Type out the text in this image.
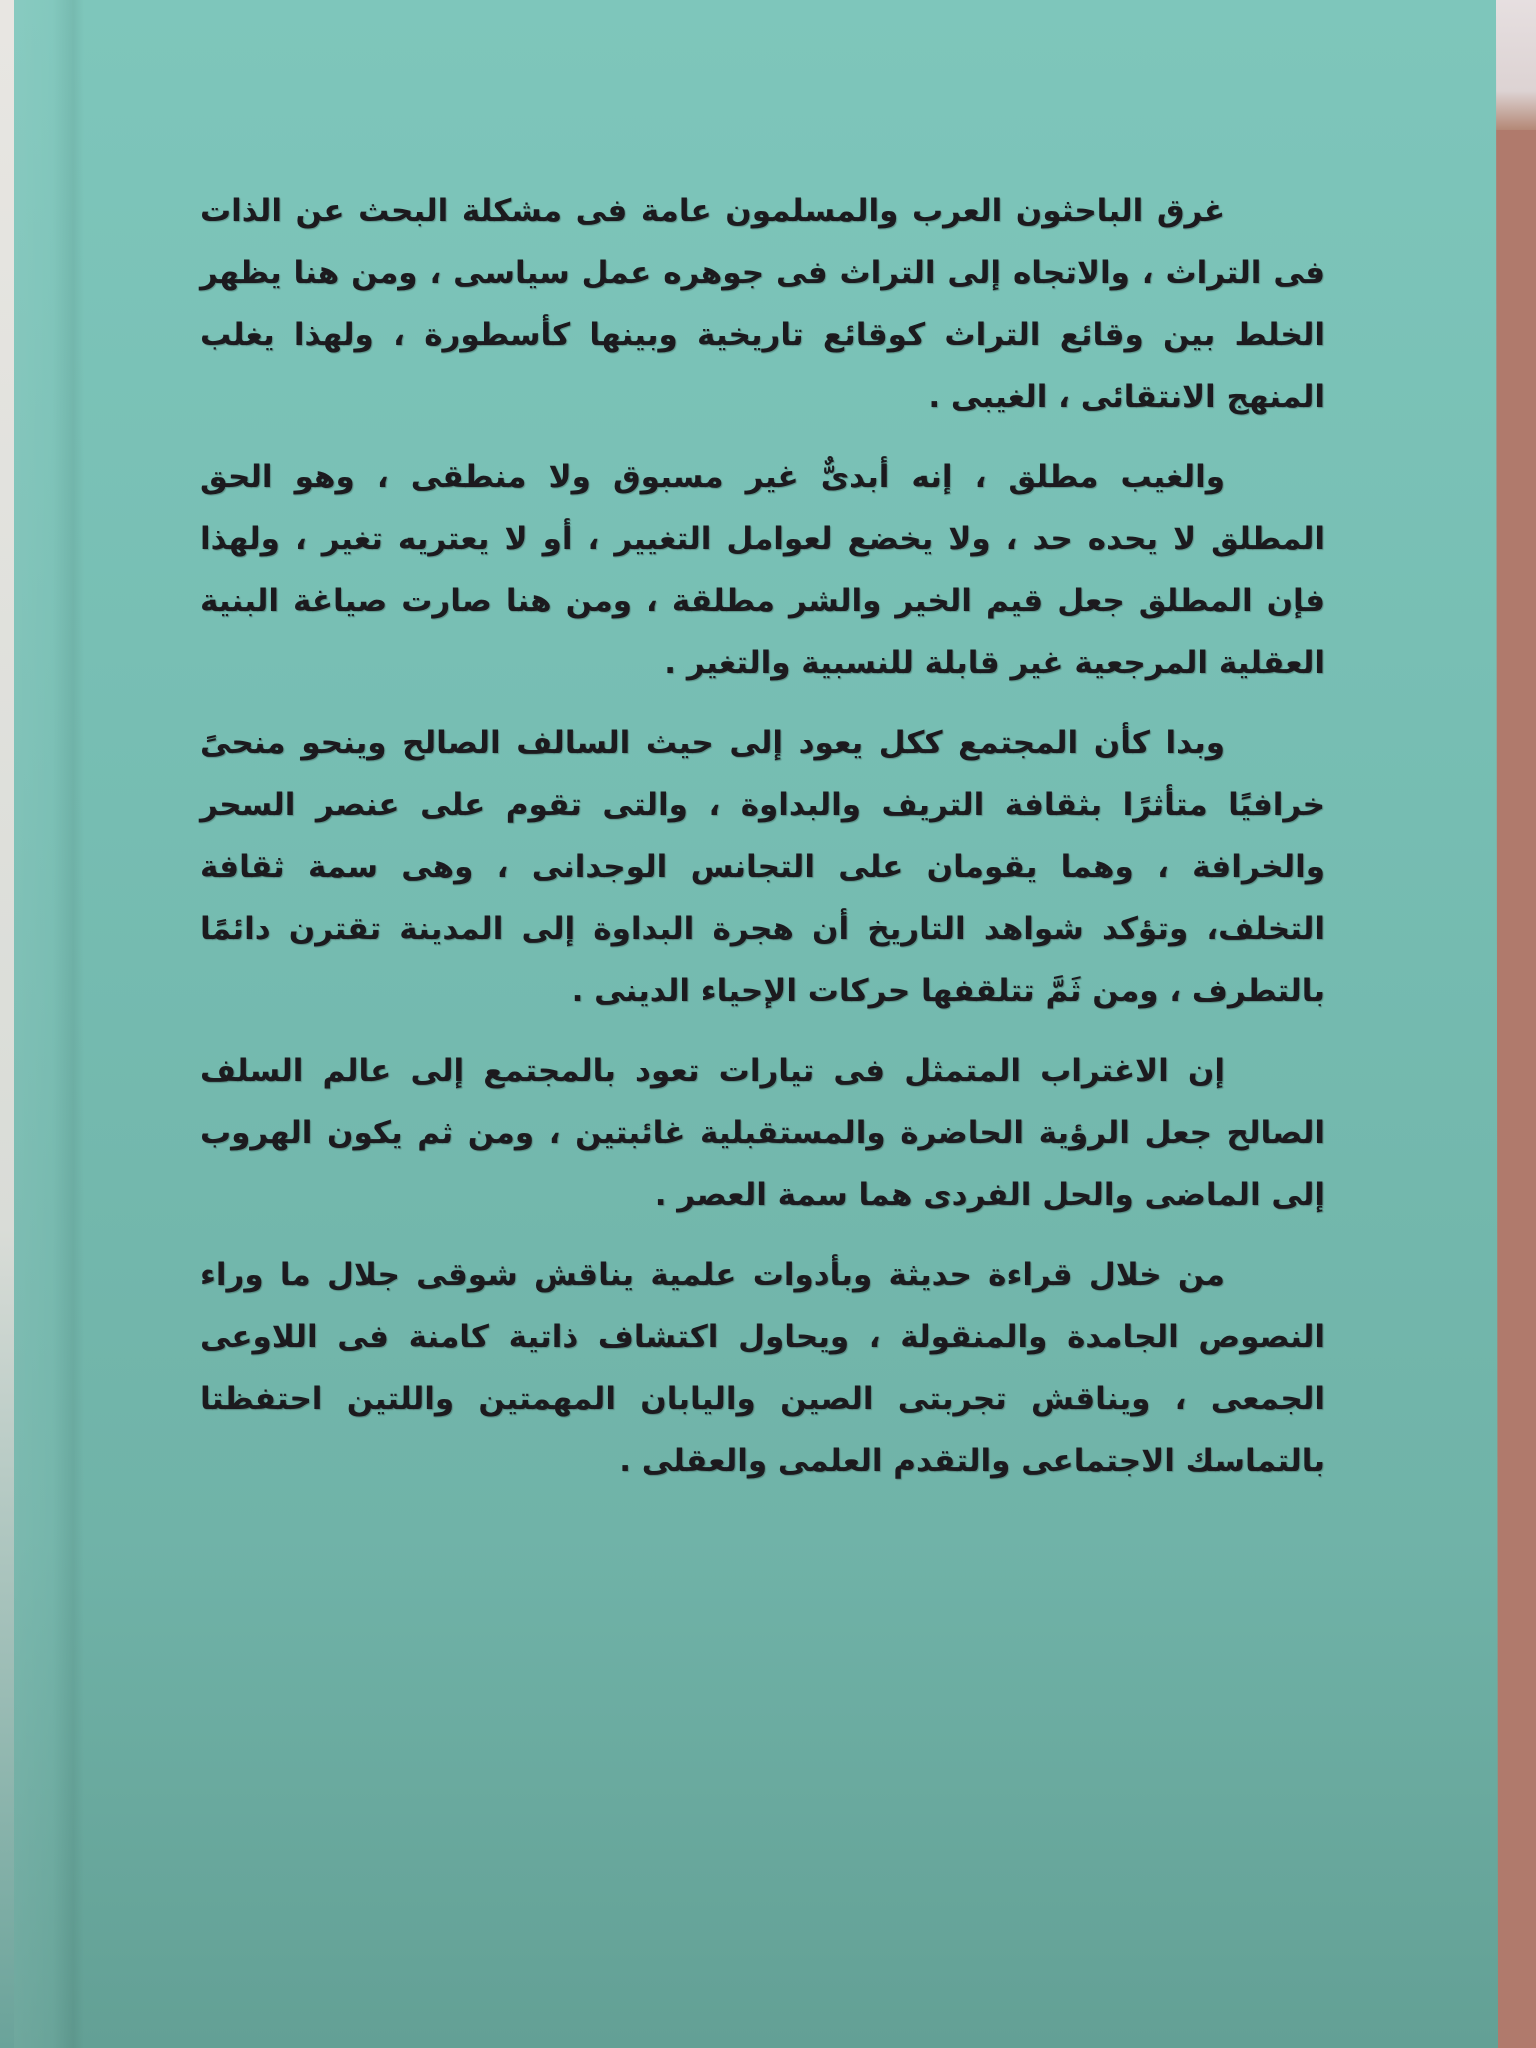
غرق الباحثون العرب والمسلمون عامة فى مشكلة البحث عن الذات فى التراث ، والاتجاه إلى التراث فى جوهره عمل سياسى ، ومن هنا يظهر الخلط بين وقائع التراث كوقائع تاريخية وبينها كأسطورة ، ولهذا يغلب المنهج الانتقائى ، الغيبى .

والغيب مطلق ، إنه أبدىٌّ غير مسبوق ولا منطقى ، وهو الحق المطلق لا يحده حد ، ولا يخضع لعوامل التغيير ، أو لا يعتريه تغير ، ولهذا فإن المطلق جعل قيم الخير والشر مطلقة ، ومن هنا صارت صياغة البنية العقلية المرجعية غير قابلة للنسبية والتغير .

وبدا كأن المجتمع ككل يعود إلى حيث السالف الصالح وينحو منحىً خرافيًا متأثرًا بثقافة التريف والبداوة ، والتى تقوم على عنصر السحر والخرافة ، وهما يقومان على التجانس الوجدانى ، وهى سمة ثقافة التخلف، وتؤكد شواهد التاريخ أن هجرة البداوة إلى المدينة تقترن دائمًا بالتطرف ، ومن ثَمَّ تتلقفها حركات الإحياء الدينى .

إن الاغتراب المتمثل فى تيارات تعود بالمجتمع إلى عالم السلف الصالح جعل الرؤية الحاضرة والمستقبلية غائبتين ، ومن ثم يكون الهروب إلى الماضى والحل الفردى هما سمة العصر .

من خلال قراءة حديثة وبأدوات علمية يناقش شوقى جلال ما وراء النصوص الجامدة والمنقولة ، ويحاول اكتشاف ذاتية كامنة فى اللاوعى الجمعى ، ويناقش تجربتى الصين واليابان المهمتين واللتين احتفظتا بالتماسك الاجتماعى والتقدم العلمى والعقلى .
